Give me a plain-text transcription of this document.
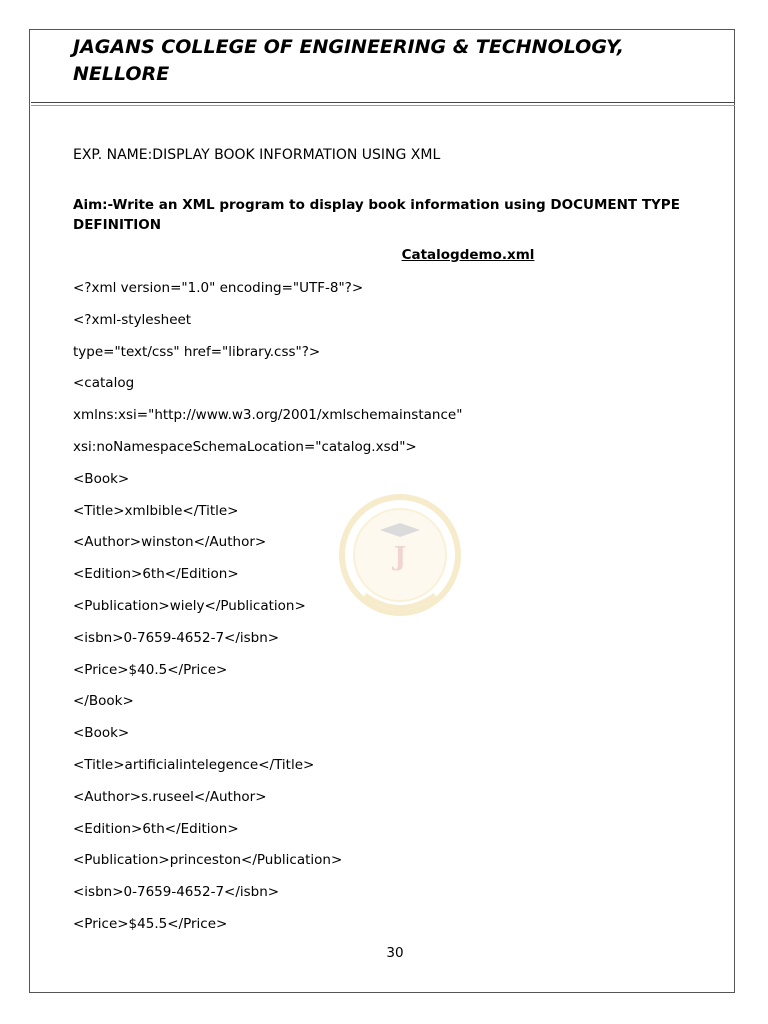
JAGANS COLLEGE OF ENGINEERING & TECHNOLOGY, NELLORE
EXP. NAME:DISPLAY BOOK INFORMATION USING XML
Aim:-Write an XML program to display book information using DOCUMENT TYPE DEFINITION
Catalogdemo.xml
<?xml version="1.0" encoding="UTF-8"?>
<?xml-stylesheet
type="text/css" href="library.css"?>
<catalog
xmlns:xsi="http://www.w3.org/2001/xmlschemainstance"
xsi:noNamespaceSchemaLocation="catalog.xsd">
<Book>
<Title>xmlbible</Title>
<Author>winston</Author>
<Edition>6th</Edition>
<Publication>wiely</Publication>
<isbn>0-7659-4652-7</isbn>
<Price>$40.5</Price>
</Book>
<Book>
<Title>artificialintelegence</Title>
<Author>s.ruseel</Author>
<Edition>6th</Edition>
<Publication>princeston</Publication>
<isbn>0-7659-4652-7</isbn>
<Price>$45.5</Price>
J
30
